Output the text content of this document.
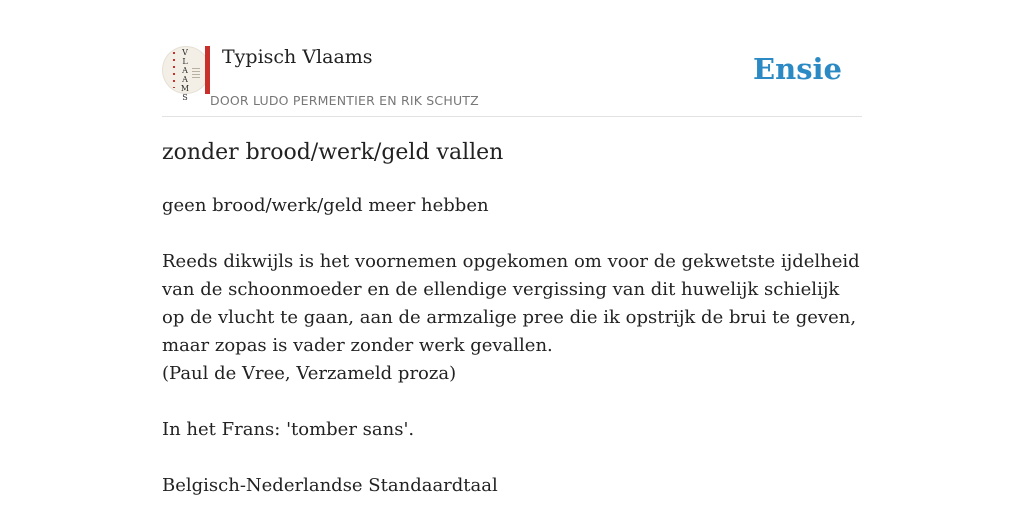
VLAAMS
Typisch Vlaams
DOOR LUDO PERMENTIER EN RIK SCHUTZ
Ensie
zonder brood/werk/geld vallen

geen brood/werk/geld meer hebben

Reeds dikwijls is het voornemen opgekomen om voor de gekwetste ijdelheid van de schoonmoeder en de ellendige vergissing van dit huwelijk schielijk op de vlucht te gaan, aan de armzalige pree die ik opstrijk de brui te geven, maar zopas is vader zonder werk gevallen.

(Paul de Vree, Verzameld proza)

In het Frans: 'tomber sans'.

Belgisch-Nederlandse Standaardtaal
